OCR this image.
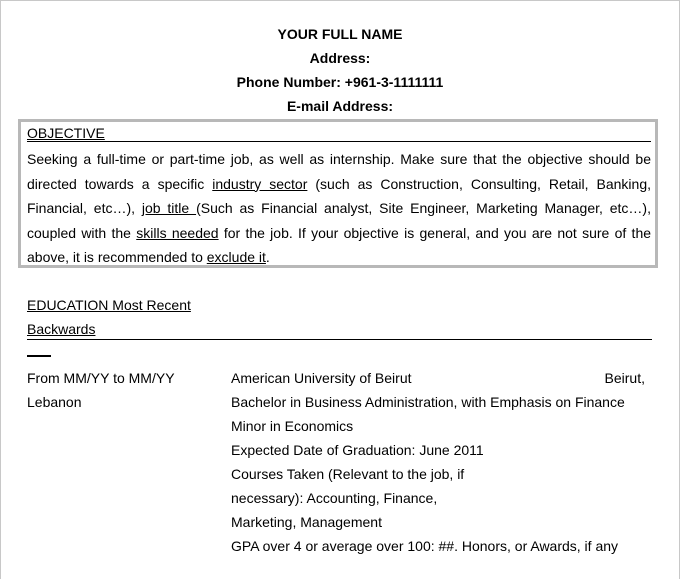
YOUR FULL NAME
Address:
Phone Number: +961-3-1111111
E-mail Address:
OBJECTIVE
Seeking a full-time or part-time job, as well as internship. Make sure that the objective should be directed towards a specific industry sector (such as Construction, Consulting, Retail, Banking, Financial, etc…), job title (Such as Financial analyst, Site Engineer, Marketing Manager, etc…), coupled with the skills needed for the job. If your objective is general, and you are not sure of the above, it is recommended to exclude it.
EDUCATION Most Recent
Backwards
From MM/YY to MM/YY
Lebanon
American University of Beirut	Beirut,
Bachelor in Business Administration, with Emphasis on Finance
Minor in Economics
Expected Date of Graduation: June 2011
Courses Taken (Relevant to the job, if
necessary): Accounting, Finance,
Marketing, Management
GPA over 4 or average over 100: ##. Honors, or Awards, if any
